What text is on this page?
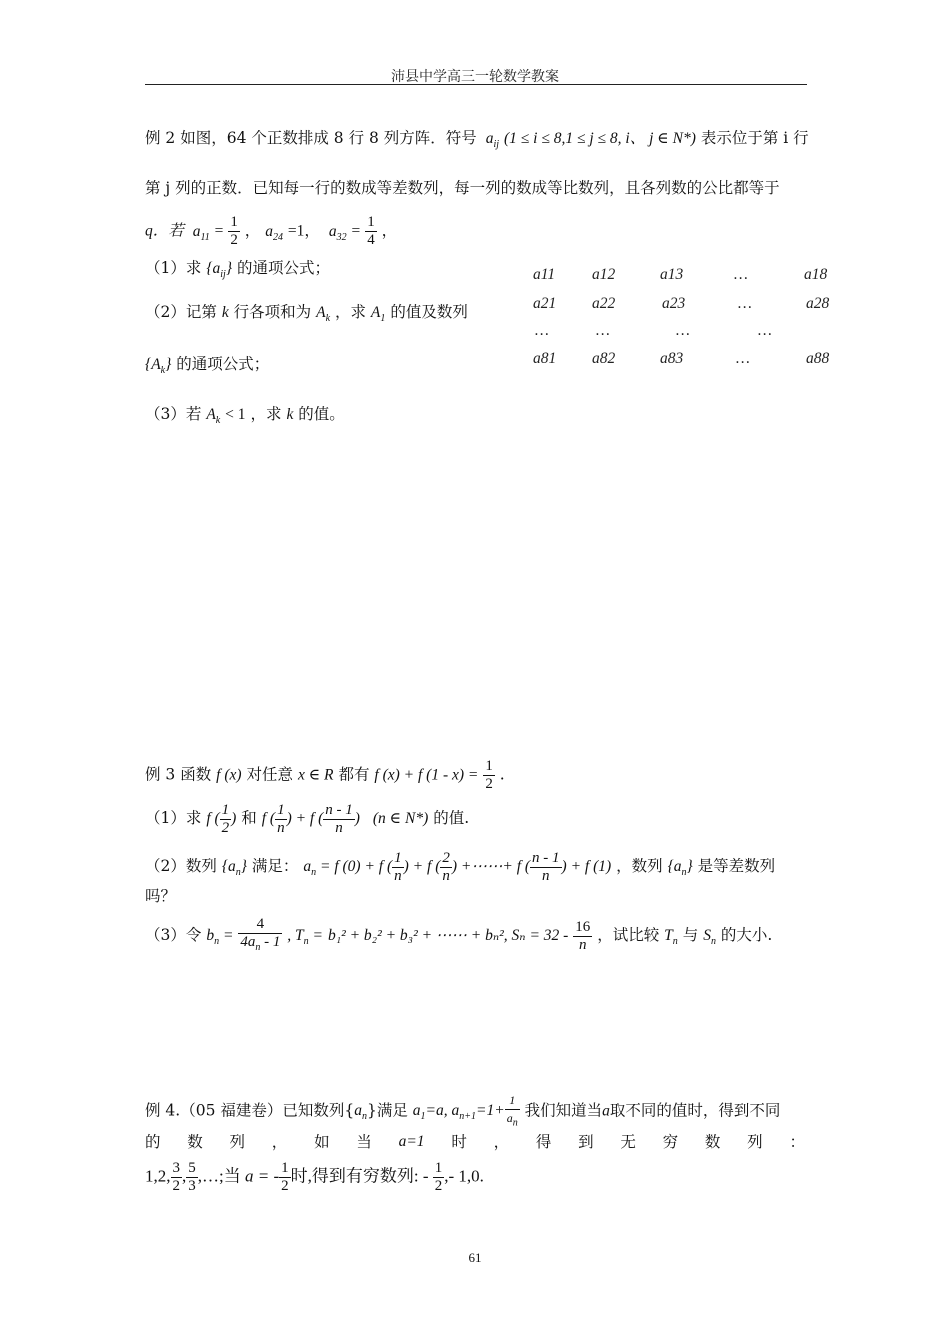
沛县中学高三一轮数学教案
例 2 如图，64 个正数排成 8 行 8 列方阵．符号 $a_{ij}$ (1 ≤ i ≤ 8,1 ≤ j ≤ 8, i、 j ∈ N*) 表示位于第 i 行
第 j 列的正数．已知每一行的数成等差数列，每一列的数成等比数列，且各列数的公比都等于
q．若 $a_{11} = \frac{1}{2}$ ， $a_{24} =1$， $a_{32} = \frac{1}{4}$ ，
（1）求 $\{a_{ij}\}$ 的通项公式；
（2）记第 k 行各项和为 $A_k$ ，求 $A_1$ 的值及数列
$\{A_k\}$ 的通项公式；
（3）若 $A_k < 1$ ，求 k 的值。
a11 a12	a13	…	a18
a21 a22	a23	…	a28
…	…	…	…
a81 a82	a83	…	a88
例 3 函数 f (x) 对任意 x ∈ R 都有 f (x) + f $(1 - x) = \frac{1}{2}$ .
（1）求 f ( $\frac{1}{2}$ ) 和 f ( $\frac{1}{n}$ ) + f ( $\frac{n - 1}{n}$ ) (n ∈ N*) 的值.
（2）数列 $\{a_n\}$ 满足： $a_n = f$ (0) + f ( $\frac{1}{n}$ ) + f ( $\frac{2}{n}$ ) +⋯⋯+ f ( $\frac{n - 1}{n}$ ) + f (1) ，数列 $\{a_n\}$ 是等差数列
吗？
（3）令 $b_n = \frac{4}{4a_n - 1}$ , $T_n = b_1^2 + b_2^2 + b_3^2$ + ⋯⋯ + bₙ², $S_n = 32 - \frac{16}{n}$ ，试比较 $T_n$ 与 $S_n$ 的大小.
例 4.（05 福建卷）已知数列$\{a_n\}$满足 $a_1=a$, $a_{n+1}=1+ \frac{1}{a_n}$ 我们知道当a取不同的值时，得到不同
的 数 列 ， 如 当 a=1 时 ， 得 到 无 穷 数 列 ：
1,2, $\frac{3}{2}$ , $\frac{5}{3}$ ,…;当 a = - $\frac{1}{2}$ 时,得到有穷数列: - $\frac{1}{2}$ ,- 1,0.
61
